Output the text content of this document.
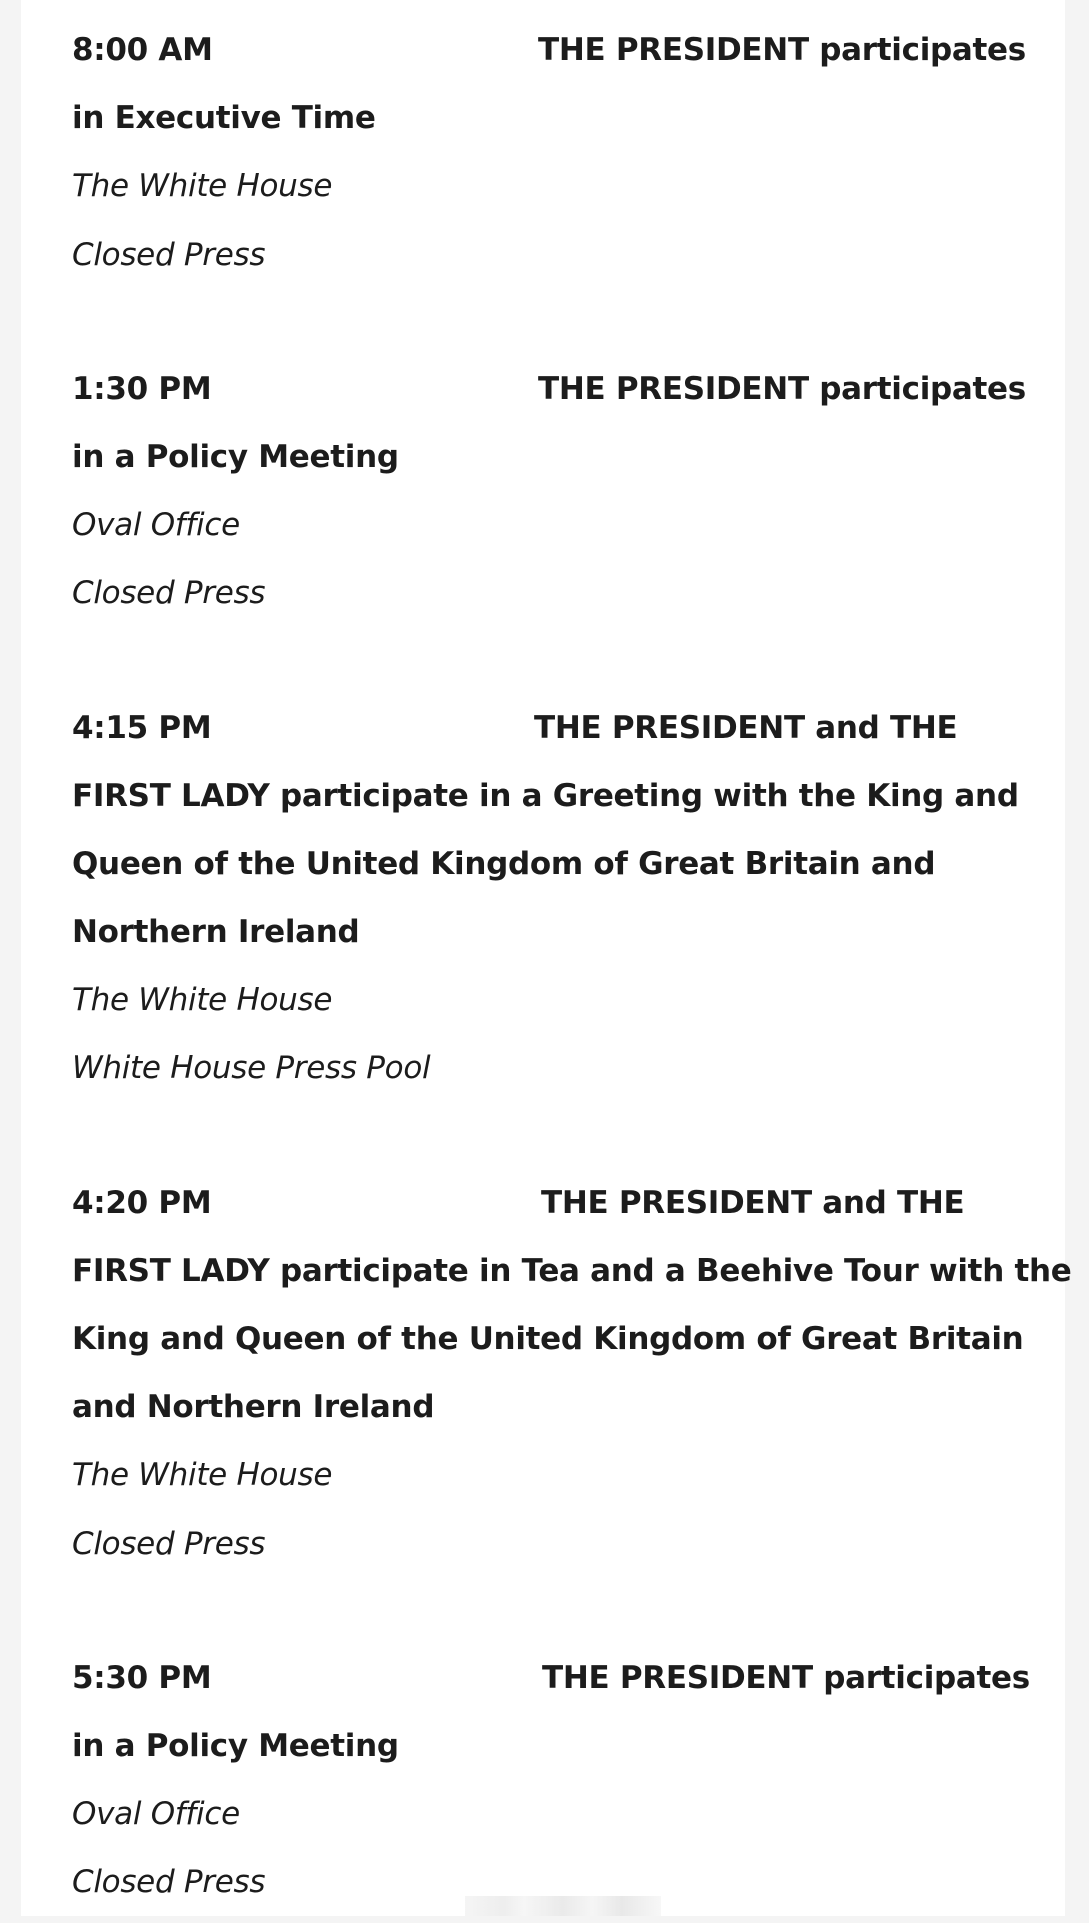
8:00 AM	THE PRESIDENT participates
in Executive Time
The White House
Closed Press
1:30 PM	THE PRESIDENT participates
in a Policy Meeting
Oval Office
Closed Press
4:15 PM	THE PRESIDENT and THE
FIRST LADY participate in a Greeting with the King and
Queen of the United Kingdom of Great Britain and
Northern Ireland
The White House
White House Press Pool
4:20 PM	THE PRESIDENT and THE
FIRST LADY participate in Tea and a Beehive Tour with the
King and Queen of the United Kingdom of Great Britain
and Northern Ireland
The White House
Closed Press
5:30 PM	THE PRESIDENT participates
in a Policy Meeting
Oval Office
Closed Press
